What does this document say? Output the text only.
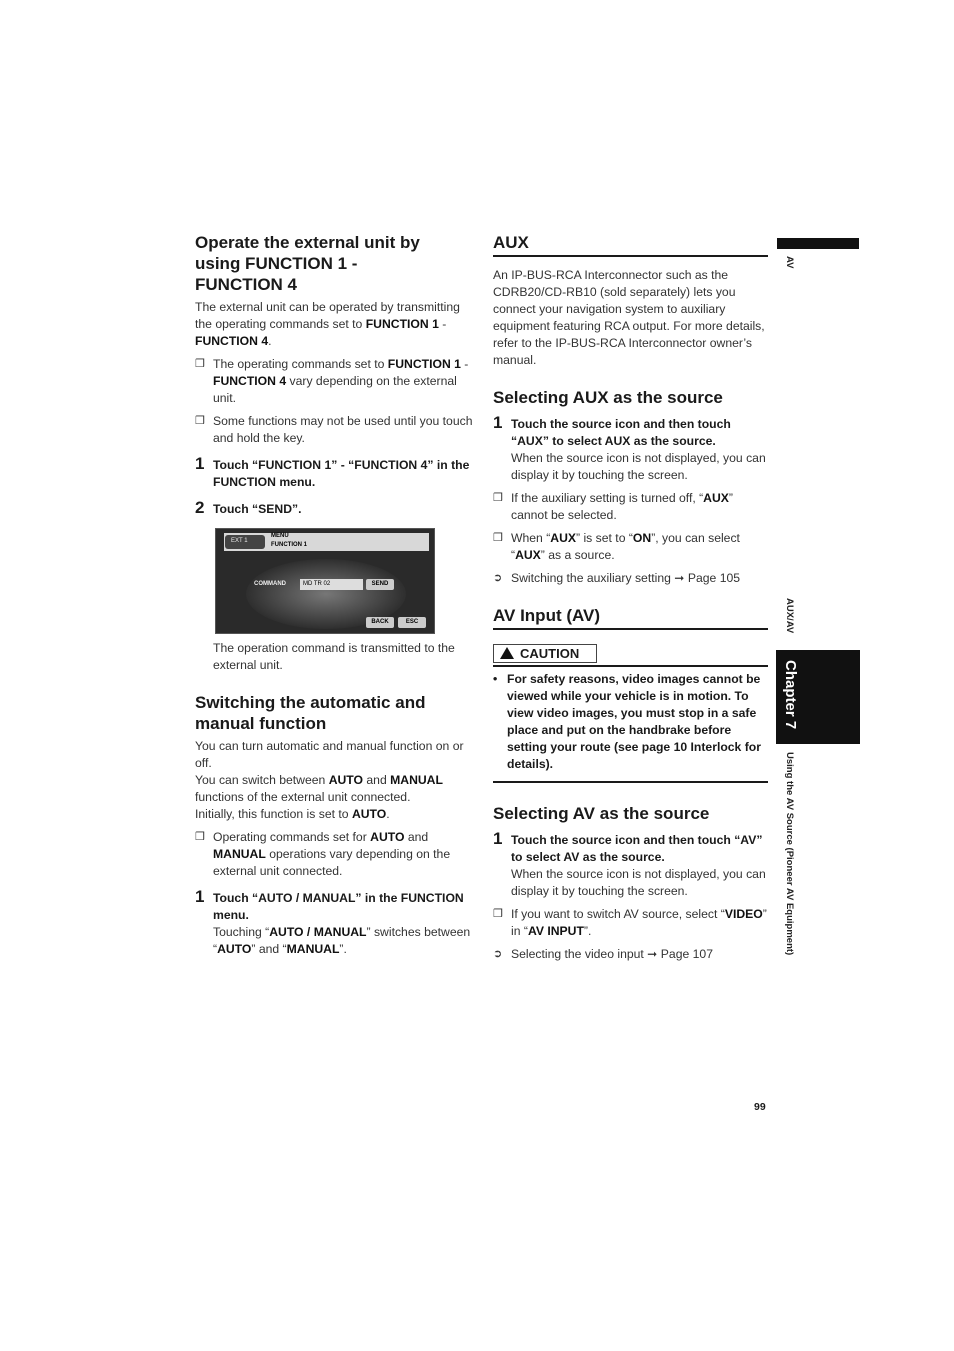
Operate the external unit by
using FUNCTION 1 -
FUNCTION 4

The external unit can be operated by transmitting the operating commands set to FUNCTION 1 - FUNCTION 4.

❒ The operating commands set to FUNCTION 1 - FUNCTION 4 vary depending on the external unit.
❒ Some functions may not be used until you touch and hold the key.
1 Touch “FUNCTION 1” - “FUNCTION 4” in the FUNCTION menu.
2 Touch “SEND”.
EXT 1
MENU
FUNCTION 1
COMMAND	MD TR 02	SEND
BACK	ESC

The operation command is transmitted to the external unit.

Switching the automatic and
manual function

You can turn automatic and manual function on or off.

You can switch between AUTO and MANUAL functions of the external unit connected.

Initially, this function is set to AUTO.

❒ Operating commands set for AUTO and MANUAL operations vary depending on the external unit connected.
1 Touch “AUTO / MANUAL” in the FUNCTION menu.
Touching “AUTO / MANUAL” switches between “AUTO” and “MANUAL”.
AUX

An IP-BUS-RCA Interconnector such as the CDRB20/CD-RB10 (sold separately) lets you connect your navigation system to auxiliary equipment featuring RCA output. For more details, refer to the IP-BUS-RCA Interconnector owner’s manual.

Selecting AUX as the source
1 Touch the source icon and then touch “AUX” to select AUX as the source.
When the source icon is not displayed, you can display it by touching the screen.
❒ If the auxiliary setting is turned off, “AUX” cannot be selected.
❒ When “AUX” is set to “ON”, you can select “AUX” as a source.
➲ Switching the auxiliary setting ➞ Page 105
AV Input (AV)
CAUTION
• For safety reasons, video images cannot be viewed while your vehicle is in motion. To view video images, you must stop in a safe place and put on the handbrake before setting your route (see page 10 Interlock for details).
Selecting AV as the source
1 Touch the source icon and then touch “AV” to select AV as the source.
When the source icon is not displayed, you can display it by touching the screen.
❒ If you want to switch AV source, select “VIDEO” in “AV INPUT”.
➲ Selecting the video input ➞ Page 107
AV
AUX/AV
Chapter 7
Using the AV Source (Pioneer AV Equipment)
99
